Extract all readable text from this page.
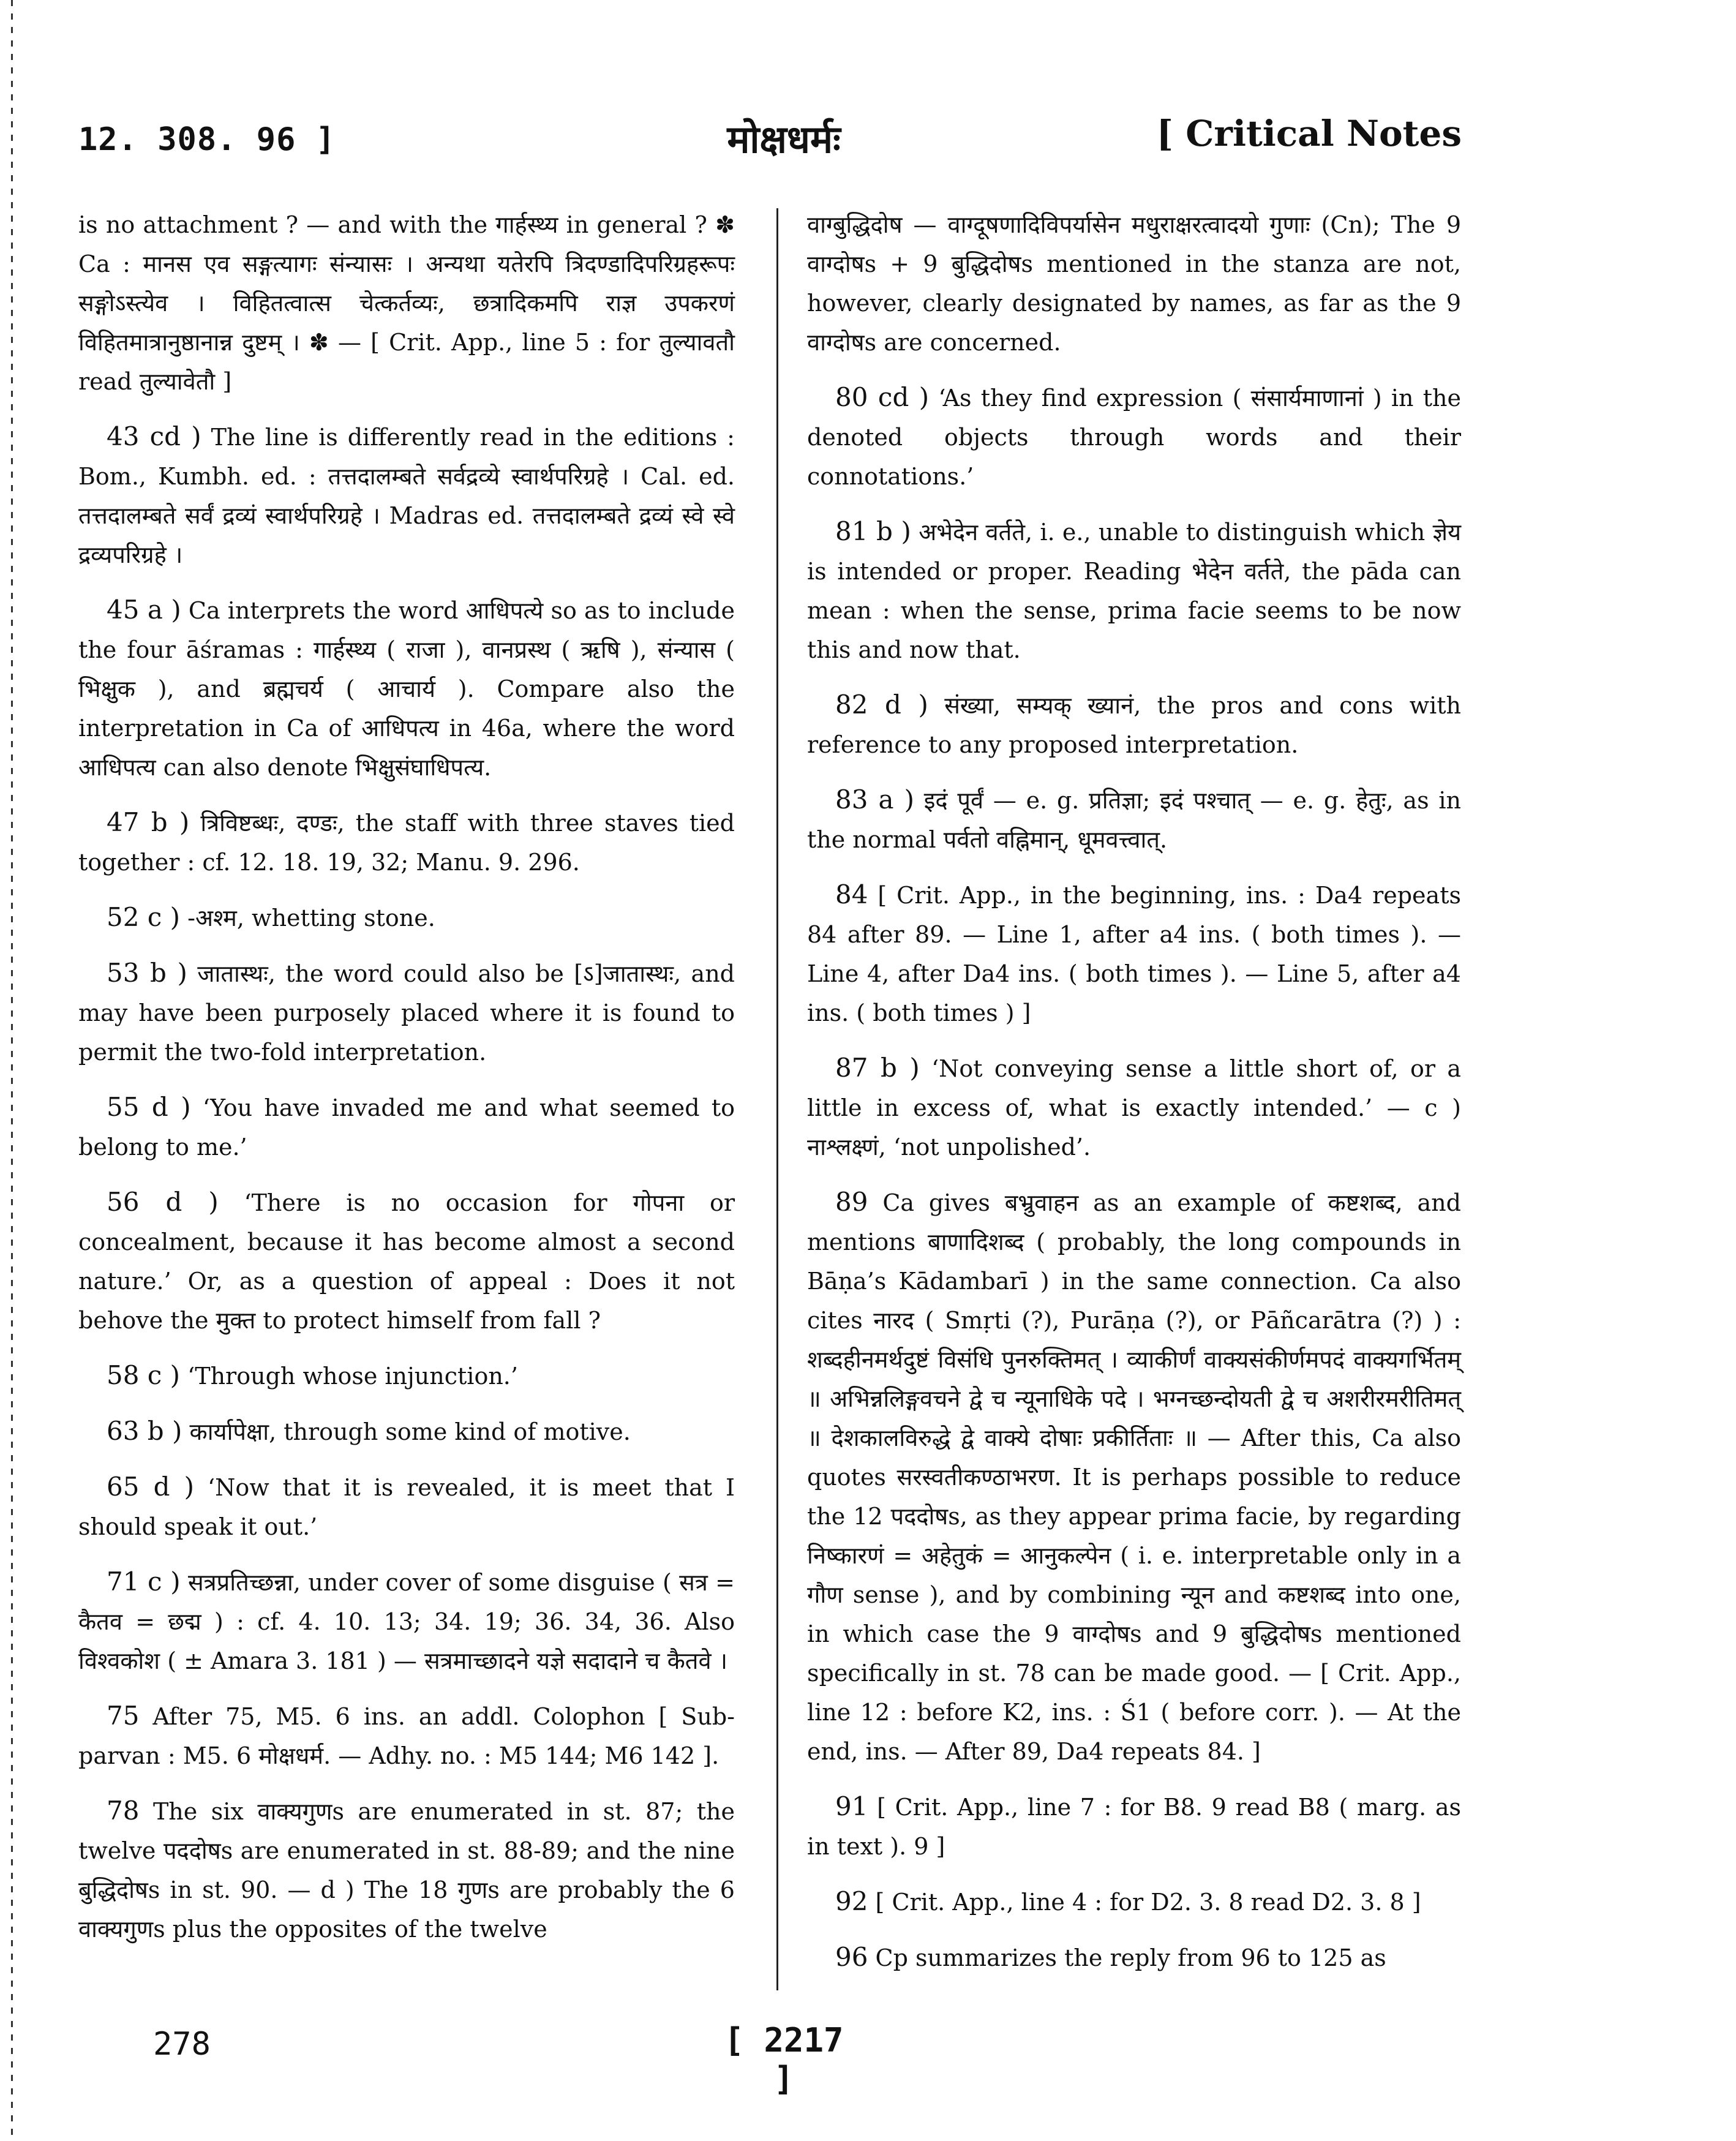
12. 308. 96 ]	मोक्षधर्मः	[ Critical Notes

is no attachment ? — and with the गार्हस्थ्य in general ? ✽ Ca : मानस एव सङ्गत्यागः संन्यासः । अन्यथा यतेरपि त्रिदण्डादिपरिग्रहरूपः सङ्गोऽस्त्येव । विहितत्वात्स चेत्कर्तव्यः, छत्रादिकमपि राज्ञ उपकरणं विहितमात्रानुष्ठानान्न दुष्टम् । ✽ — [ Crit. App., line 5 : for तुल्यावतौ read तुल्यावेतौ ]

43 cd ) The line is differently read in the editions : Bom., Kumbh. ed. : तत्तदालम्बते सर्वद्रव्ये स्वार्थपरिग्रहे । Cal. ed. तत्तदालम्बते सर्वं द्रव्यं स्वार्थपरिग्रहे । Madras ed. तत्तदालम्बते द्रव्यं स्वे स्वे द्रव्यपरिग्रहे ।

45 a ) Ca interprets the word आधिपत्ये so as to include the four āśramas : गार्हस्थ्य ( राजा ), वानप्रस्थ ( ऋषि ), संन्यास ( भिक्षुक ), and ब्रह्मचर्य ( आचार्य ). Compare also the interpretation in Ca of आधिपत्य in 46a, where the word आधिपत्य can also denote भिक्षुसंघाधिपत्य.

47 b ) त्रिविष्टब्धः, दण्डः, the staff with three staves tied together : cf. 12. 18. 19, 32; Manu. 9. 296.

52 c ) -अश्म, whetting stone.

53 b ) जातास्थः, the word could also be [ऽ]जातास्थः, and may have been purposely placed where it is found to permit the two-fold interpretation.

55 d ) ‘You have invaded me and what seemed to belong to me.’

56 d ) ‘There is no occasion for गोपना or concealment, because it has become almost a second nature.’ Or, as a question of appeal : Does it not behove the मुक्त to protect himself from fall ?

58 c ) ‘Through whose injunction.’

63 b ) कार्यापेक्षा, through some kind of motive.

65 d ) ‘Now that it is revealed, it is meet that I should speak it out.’

71 c ) सत्रप्रतिच्छन्ना, under cover of some disguise ( सत्र = कैतव = छद्म ) : cf. 4. 10. 13; 34. 19; 36. 34, 36. Also विश्वकोश ( ± Amara 3. 181 ) — सत्रमाच्छादने यज्ञे सदादाने च कैतवे ।

75 After 75, M5. 6 ins. an addl. Colophon [ Sub-parvan : M5. 6 मोक्षधर्म. — Adhy. no. : M5 144; M6 142 ].

78 The six वाक्यगुणs are enumerated in st. 87; the twelve पददोषs are enumerated in st. 88-89; and the nine बुद्धिदोषs in st. 90. — d ) The 18 गुणs are probably the 6 वाक्यगुणs plus the opposites of the twelve

वाग्बुद्धिदोष — वाग्दूषणादिविपर्यासेन मधुराक्षरत्वादयो गुणाः (Cn); The 9 वाग्दोषs + 9 बुद्धिदोषs mentioned in the stanza are not, however, clearly designated by names, as far as the 9 वाग्दोषs are concerned.

80 cd ) ‘As they find expression ( संसार्यमाणानां ) in the denoted objects through words and their connotations.’

81 b ) अभेदेन वर्तते, i. e., unable to distinguish which ज्ञेय is intended or proper. Reading भेदेन वर्तते, the pāda can mean : when the sense, prima facie seems to be now this and now that.

82 d ) संख्या, सम्यक् ख्यानं, the pros and cons with reference to any proposed interpretation.

83 a ) इदं पूर्वं — e. g. प्रतिज्ञा; इदं पश्चात् — e. g. हेतुः, as in the normal पर्वतो वह्निमान्, धूमवत्त्वात्.

84 [ Crit. App., in the beginning, ins. : Da4 repeats 84 after 89. — Line 1, after a4 ins. ( both times ). — Line 4, after Da4 ins. ( both times ). — Line 5, after a4 ins. ( both times ) ]

87 b ) ‘Not conveying sense a little short of, or a little in excess of, what is exactly intended.’ — c ) नाश्लक्ष्णं, ‘not unpolished’.

89 Ca gives बभ्रुवाहन as an example of कष्टशब्द, and mentions बाणादिशब्द ( probably, the long compounds in Bāṇa’s Kādambarī ) in the same connection. Ca also cites नारद ( Smṛti (?), Purāṇa (?), or Pāñcarātra (?) ) : शब्दहीनमर्थदुष्टं विसंधि पुनरुक्तिमत् । व्याकीर्णं वाक्यसंकीर्णमपदं वाक्यगर्भितम् ॥ अभिन्नलिङ्गवचने द्वे च न्यूनाधिके पदे । भग्नच्छन्दोयती द्वे च अशरीरमरीतिमत् ॥ देशकालविरुद्धे द्वे वाक्ये दोषाः प्रकीर्तिताः ॥ — After this, Ca also quotes सरस्वतीकण्ठाभरण. It is perhaps possible to reduce the 12 पददोषs, as they appear prima facie, by regarding निष्कारणं = अहेतुकं = आनुकल्पेन ( i. e. interpretable only in a गौण sense ), and by combining न्यून and कष्टशब्द into one, in which case the 9 वाग्दोषs and 9 बुद्धिदोषs mentioned specifically in st. 78 can be made good. — [ Crit. App., line 12 : before K2, ins. : Ś1 ( before corr. ). — At the end, ins. — After 89, Da4 repeats 84. ]

91 [ Crit. App., line 7 : for B8. 9 read B8 ( marg. as in text ). 9 ]

92 [ Crit. App., line 4 : for D2. 3. 8 read D2. 3. 8 ]

96 Cp summarizes the reply from 96 to 125 as

278	[ 2217 ]
